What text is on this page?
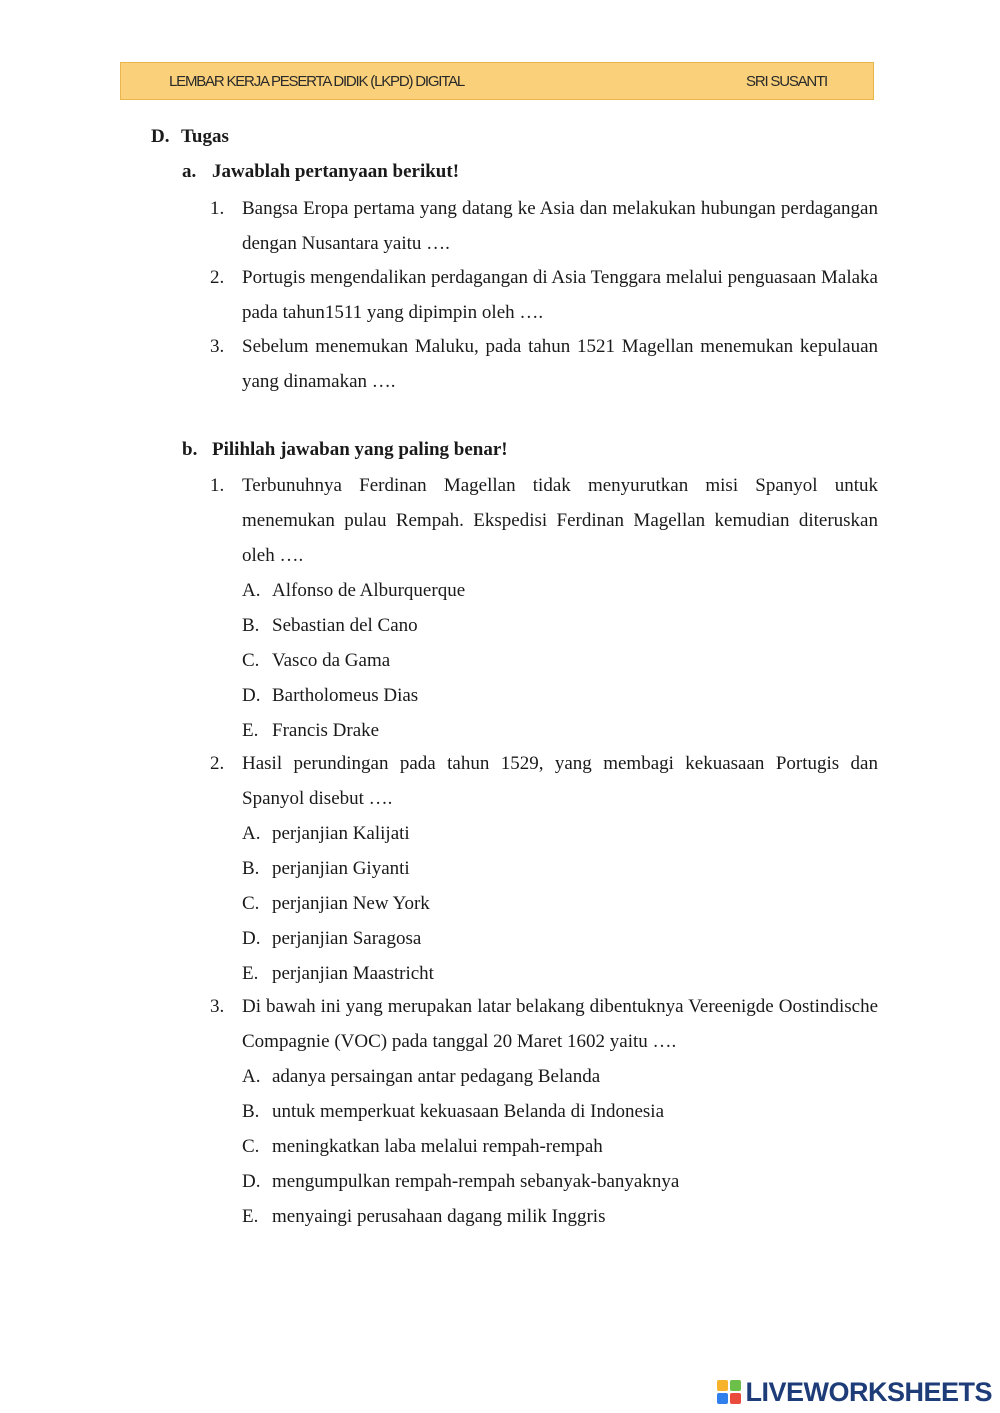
LEMBAR KERJA PESERTA DIDIK (LKPD) DIGITAL	SRI SUSANTI
D. Tugas
a. Jawablah pertanyaan berikut!
1. Bangsa Eropa pertama yang datang ke Asia dan melakukan hubungan perdagangan dengan Nusantara yaitu ….
2. Portugis mengendalikan perdagangan di Asia Tenggara melalui penguasaan Malaka pada tahun1511 yang dipimpin oleh ….
3. Sebelum menemukan Maluku, pada tahun 1521 Magellan menemukan kepulauan yang dinamakan ….
b. Pilihlah jawaban yang paling benar!
1. Terbunuhnya Ferdinan Magellan tidak menyurutkan misi Spanyol untuk menemukan pulau Rempah. Ekspedisi Ferdinan Magellan kemudian diteruskan oleh ….
A. Alfonso de Alburquerque
B. Sebastian del Cano
C. Vasco da Gama
D. Bartholomeus Dias
E. Francis Drake
2. Hasil perundingan pada tahun 1529, yang membagi kekuasaan Portugis dan Spanyol disebut ….
A. perjanjian Kalijati
B. perjanjian Giyanti
C. perjanjian New York
D. perjanjian Saragosa
E. perjanjian Maastricht
3. Di bawah ini yang merupakan latar belakang dibentuknya Vereenigde Oostindische Compagnie (VOC) pada tanggal 20 Maret 1602 yaitu ….
A. adanya persaingan antar pedagang Belanda
B. untuk memperkuat kekuasaan Belanda di Indonesia
C. meningkatkan laba melalui rempah-rempah
D. mengumpulkan rempah-rempah sebanyak-banyaknya
E. menyaingi perusahaan dagang milik Inggris
LIVEWORKSHEETS
